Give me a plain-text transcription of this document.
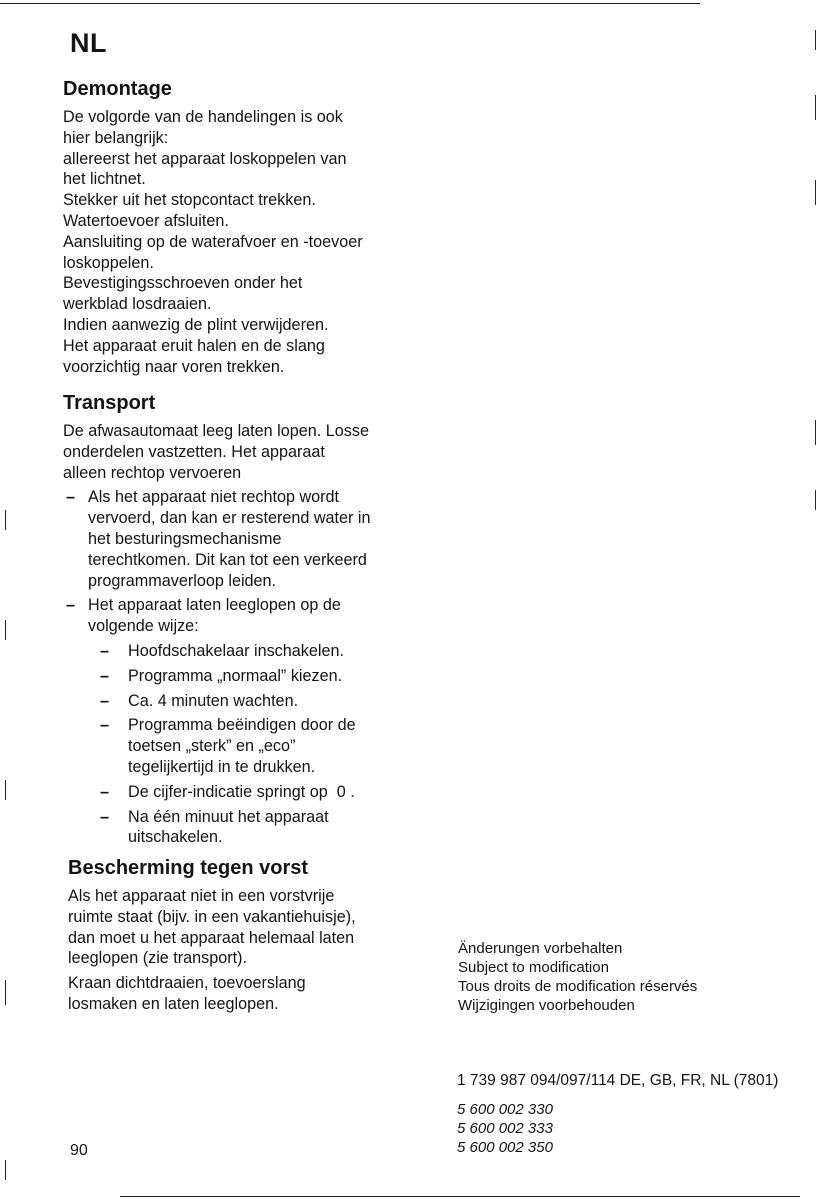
NL
Demontage

De volgorde van de handelingen is ook

hier belangrijk:

allereerst het apparaat loskoppelen van

het lichtnet.

Stekker uit het stopcontact trekken.

Watertoevoer afsluiten.

Aansluiting op de waterafvoer en -toevoer

loskoppelen.

Bevestigingsschroeven onder het

werkblad losdraaien.

Indien aanwezig de plint verwijderen.

Het apparaat eruit halen en de slang

voorzichtig naar voren trekken.

Transport

De afwasautomaat leeg laten lopen. Losse

onderdelen vastzetten. Het apparaat

alleen rechtop vervoeren

– Als het apparaat niet rechtop wordt

vervoerd, dan kan er resterend water in

het besturingsmechanisme

terechtkomen. Dit kan tot een verkeerd

programmaverloop leiden.

– Het apparaat laten leeglopen op de

volgende wijze:

– Hoofdschakelaar inschakelen.

– Programma „normaal” kiezen.

– Ca. 4 minuten wachten.

– Programma beëindigen door de

toetsen „sterk” en „eco”

tegelijkertijd in te drukken.

– De cijfer-indicatie springt op  0 .

– Na één minuut het apparaat

uitschakelen.

Bescherming tegen vorst

Als het apparaat niet in een vorstvrije

ruimte staat (bijv. in een vakantiehuisje),

dan moet u het apparaat helemaal laten

leeglopen (zie transport).

Kraan dichtdraaien, toevoerslang

losmaken en laten leeglopen.

Änderungen vorbehalten
Subject to modification
Tous droits de modification réservés
Wijzigingen voorbehouden
1 739 987 094/097/114 DE, GB, FR, NL (7801)
5 600 002 330
5 600 002 333
5 600 002 350
90
